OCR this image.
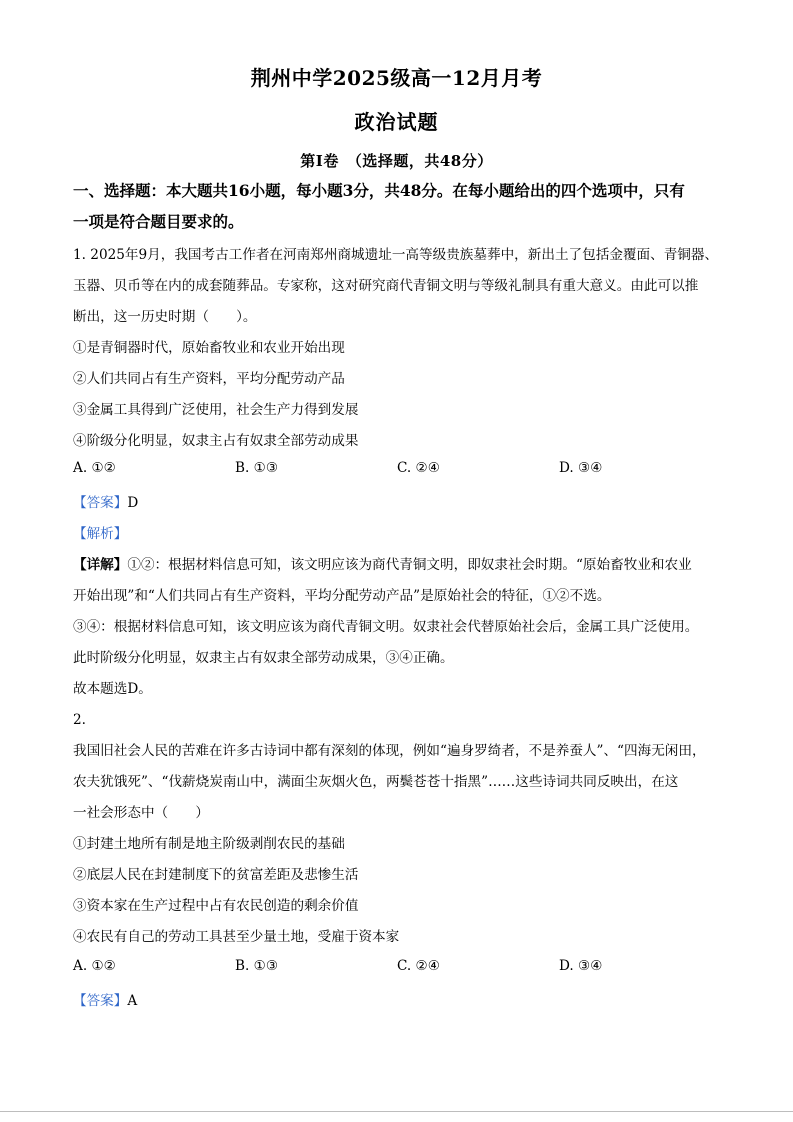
荆州中学2025级高一12月月考
政治试题
第Ⅰ卷　（选择题，共48分）
一、选择题：本大题共16小题，每小题3分，共48分。在每小题给出的四个选项中，只有
一项是符合题目要求的。
1. 2025年9月，我国考古工作者在河南郑州商城遗址一高等级贵族墓葬中，新出土了包括金覆面、青铜器、
玉器、贝币等在内的成套随葬品。专家称，这对研究商代青铜文明与等级礼制具有重大意义。由此可以推
断出，这一历史时期（　　）。
①是青铜器时代，原始畜牧业和农业开始出现
②人们共同占有生产资料，平均分配劳动产品
③金属工具得到广泛使用，社会生产力得到发展
④阶级分化明显，奴隶主占有奴隶全部劳动成果
A. ①②	B. ①③	C. ②④	D. ③④
【答案】D
【解析】
【详解】①②：根据材料信息可知，该文明应该为商代青铜文明，即奴隶社会时期。“原始畜牧业和农业
开始出现”和“人们共同占有生产资料，平均分配劳动产品”是原始社会的特征，①②不选。
③④：根据材料信息可知，该文明应该为商代青铜文明。奴隶社会代替原始社会后，金属工具广泛使用。
此时阶级分化明显，奴隶主占有奴隶全部劳动成果，③④正确。
故本题选D。
2.
我国旧社会人民的苦难在许多古诗词中都有深刻的体现，例如“遍身罗绮者，不是养蚕人”、“四海无闲田，
农夫犹饿死”、“伐薪烧炭南山中，满面尘灰烟火色，两鬓苍苍十指黑”……这些诗词共同反映出，在这
一社会形态中（　　）
①封建土地所有制是地主阶级剥削农民的基础
②底层人民在封建制度下的贫富差距及悲惨生活
③资本家在生产过程中占有农民创造的剩余价值
④农民有自己的劳动工具甚至少量土地，受雇于资本家
A. ①②	B. ①③	C. ②④	D. ③④
【答案】A
